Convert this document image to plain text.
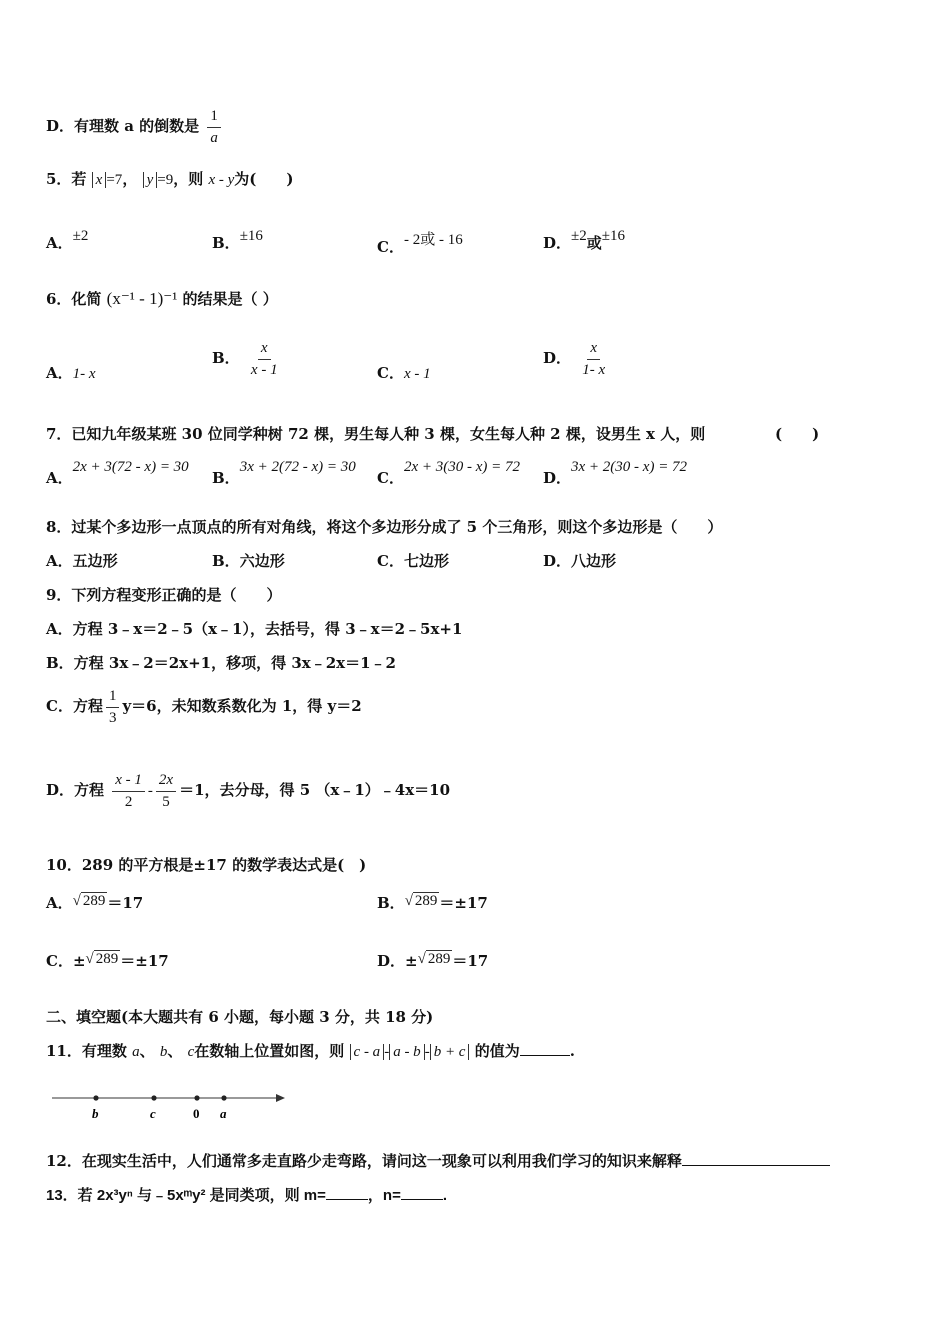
D．有理数 a 的倒数是 $\frac{1}{a}$
5．若 x =7， y =9，则 x - y为(　　)
A．±2	B．±16
C．- 2或 - 16	D．±2或±16
6．化简 (x⁻¹ - 1)⁻¹ 的结果是（ ）
A．1- x
B． $\frac{x}{x - 1}$	C．x - 1
D． $\frac{x}{1- x}$
7．已知九年级某班 30 位同学种树 72 棵，男生每人种 3 棵，女生每人种 2 棵，设男生 x 人，则	(　　)
A．2x + 3(72 - x) = 30
B．3x + 2(72 - x) = 30
C．2x + 3(30 - x) = 72
D．3x + 2(30 - x) = 72
8．过某个多边形一点顶点的所有对角线，将这个多边形分成了 5 个三角形，则这个多边形是（　　）
A．五边形	B．六边形	C．七边形	D．八边形
9．下列方程变形正确的是（　　）
A．方程 3﹣x＝2﹣5（x﹣1），去括号，得 3﹣x＝2﹣5x+1
B．方程 3x﹣2＝2x+1，移项，得 3x﹣2x＝1﹣2
C．方程 $\frac{1}{3} y=6$，未知数系数化为 1，得 y＝2
D．方程 $\frac{x - 1}{2} - \frac{2x}{5} =1$，去分母，得 5 （x﹣1）﹣4x＝10
10．289 的平方根是±17 的数学表达式是(　)
A．√ 289 ＝17	B．√ 289 ＝±17
C．±√ 289 ＝±17	D．±√ 289 ＝17
二、填空题(本大题共有 6 小题，每小题 3 分，共 18 分)
11．有理数 a、 b、 c在数轴上位置如图，则 c - a - a - b - b + c 的值为	.
b	c	0 a
12．在现实生活中，人们通常多走直路少走弯路，请问这一现象可以利用我们学习的知识来解释
13．若 2x³yⁿ 与﹣5xᵐy² 是同类项，则 m=	，n=	.
